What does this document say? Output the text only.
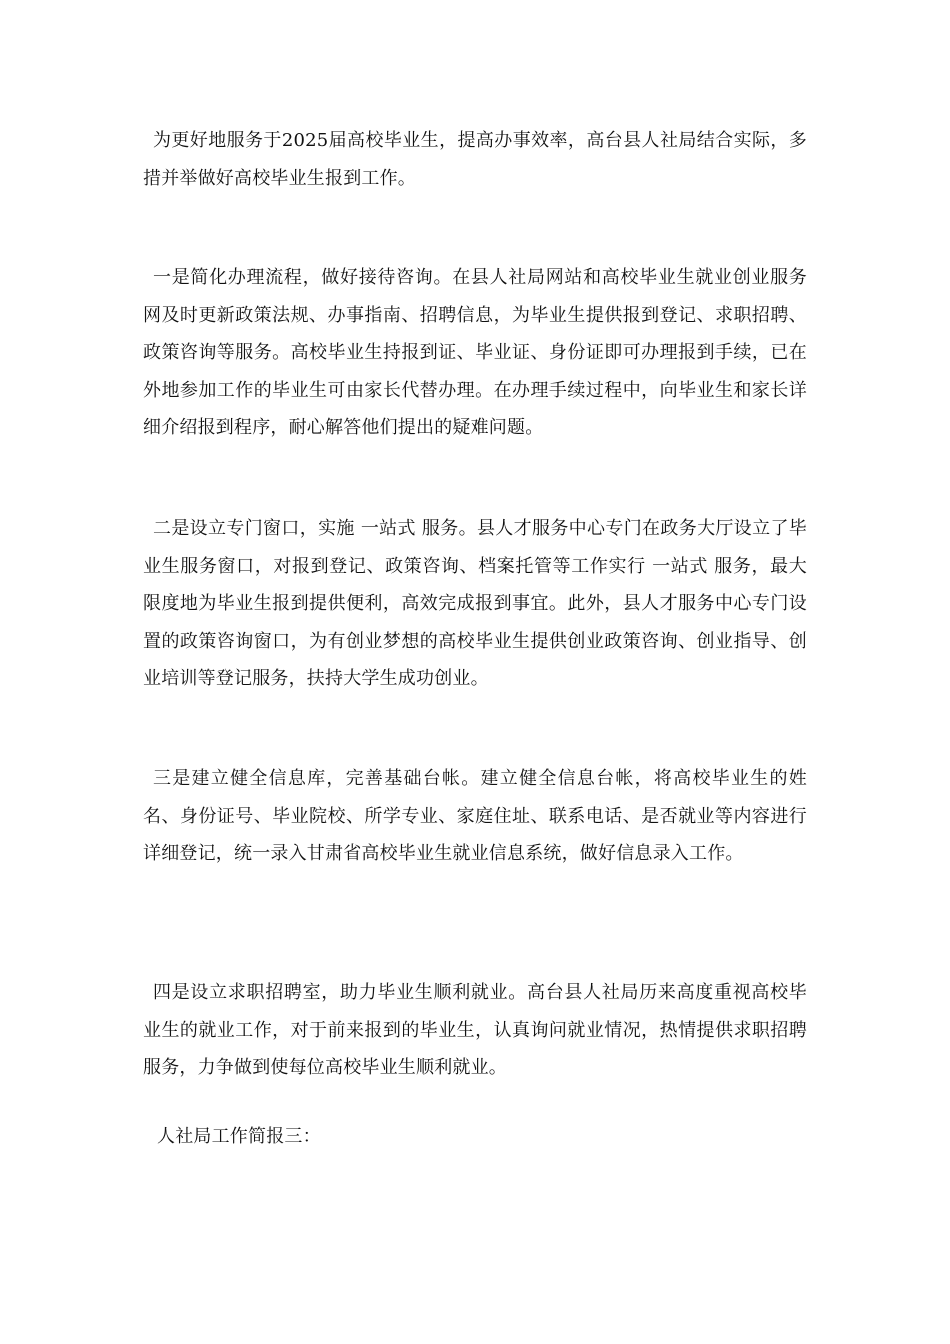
为更好地服务于2025届高校毕业生，提高办事效率，高台县人社局结合实际，多措并举做好高校毕业生报到工作。

一是简化办理流程，做好接待咨询。在县人社局网站和高校毕业生就业创业服务网及时更新政策法规、办事指南、招聘信息，为毕业生提供报到登记、求职招聘、政策咨询等服务。高校毕业生持报到证、毕业证、身份证即可办理报到手续，已在外地参加工作的毕业生可由家长代替办理。在办理手续过程中，向毕业生和家长详细介绍报到程序，耐心解答他们提出的疑难问题。

二是设立专门窗口，实施 一站式 服务。县人才服务中心专门在政务大厅设立了毕业生服务窗口，对报到登记、政策咨询、档案托管等工作实行 一站式 服务，最大限度地为毕业生报到提供便利，高效完成报到事宜。此外，县人才服务中心专门设置的政策咨询窗口，为有创业梦想的高校毕业生提供创业政策咨询、创业指导、创业培训等登记服务，扶持大学生成功创业。

三是建立健全信息库，完善基础台帐。建立健全信息台帐，将高校毕业生的姓名、身份证号、毕业院校、所学专业、家庭住址、联系电话、是否就业等内容进行详细登记，统一录入甘肃省高校毕业生就业信息系统，做好信息录入工作。

四是设立求职招聘室，助力毕业生顺利就业。高台县人社局历来高度重视高校毕业生的就业工作，对于前来报到的毕业生，认真询问就业情况，热情提供求职招聘服务，力争做到使每位高校毕业生顺利就业。

人社局工作简报三：
